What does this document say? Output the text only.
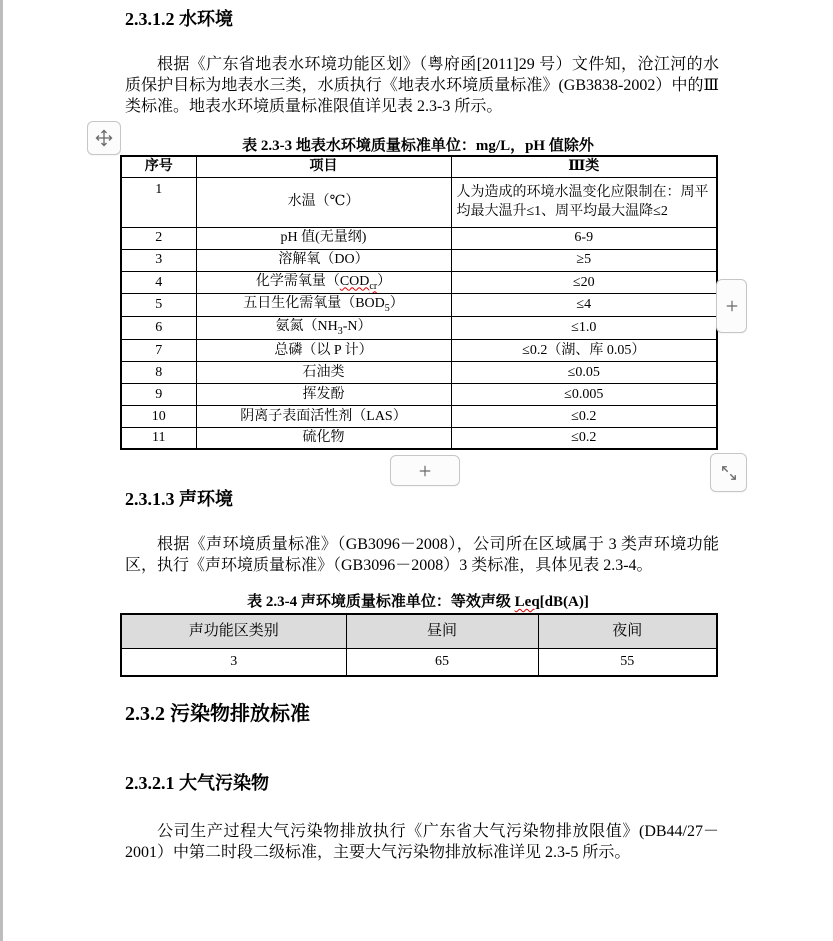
2.3.1.2 水环境

根据《广东省地表水环境功能区划》（粤府函[2011]29 号）文件知，沧江河的水质保护目标为地表水三类，水质执行《地表水环境质量标准》(GB3838-2002）中的Ⅲ类标准。地表水环境质量标准限值详见表 2.3-3 所示。

表 2.3-3 地表水环境质量标准单位：mg/L，pH 值除外
序号	项目	Ⅲ类
1	水温（℃）	人为造成的环境水温变化应限制在：周平均最大温升≤1、周平均最大温降≤2
2	pH 值(无量纲)	6-9
3	溶解氧（DO）	≥5
4	化学需氧量$(COD_{cr})$	≤20
5	五日生化需氧量$(BOD_5)$	≤4
6	氨氮$(NH_3-N)$	≤1.0
7	总磷（以 P 计）	≤0.2（湖、库 0.05）
8	石油类	≤0.05
9	挥发酚	≤0.005
10	阴离子表面活性剂（LAS）	≤0.2
11	硫化物	≤0.2
2.3.1.3 声环境

根据《声环境质量标准》（GB3096－2008），公司所在区域属于 3 类声环境功能区，执行《声环境质量标准》（GB3096－2008）3 类标准，具体见表 2.3-4。

表 2.3-4 声环境质量标准单位：等效声级 Leq[dB(A)]
声功能区类别	昼间	夜间
3	65	55
2.3.2 污染物排放标准
2.3.2.1 大气污染物

公司生产过程大气污染物排放执行《广东省大气污染物排放限值》(DB44/27－2001）中第二时段二级标准，主要大气污染物排放标准详见 2.3-5 所示。
